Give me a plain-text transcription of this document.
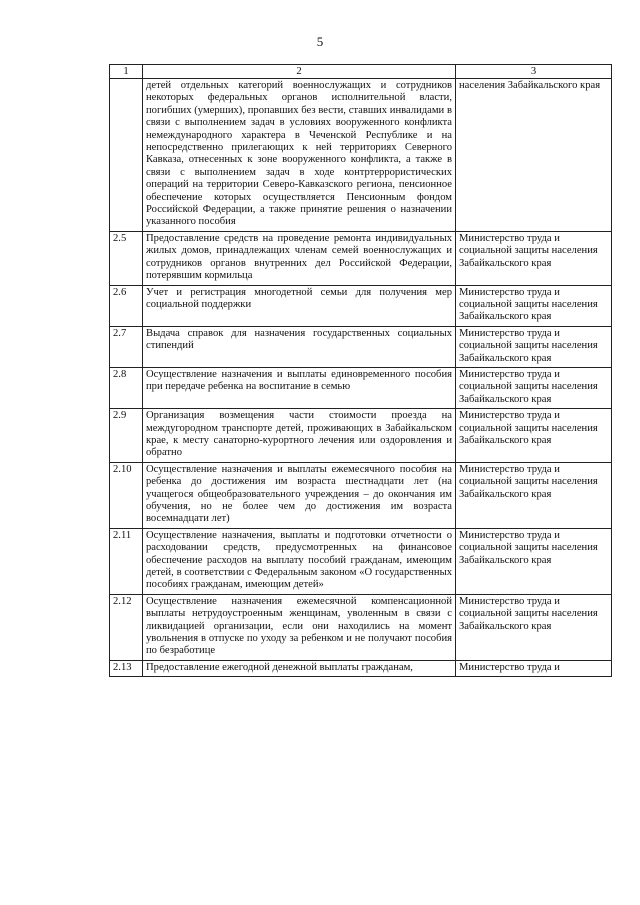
5
1	2	3
	детей отдельных категорий военнослужащих и сотрудников некоторых федеральных органов исполнительной власти, погибших (умерших), пропавших без вести, ставших инвалидами в связи с выполнением задач в условиях вооруженного конфликта немеждународного характера в Чеченской Республике и на непосредственно прилегающих к ней территориях Северного Кавказа, отнесенных к зоне вооруженного конфликта, а также в связи с выполнением задач в ходе контртеррористических операций на территории Северо-Кавказского региона, пенсионное обеспечение которых осуществляется Пенсионным фондом Российской Федерации, а также принятие решения о назначении указанного пособия	населения Забайкальского края
2.5	Предоставление средств на проведение ремонта индивидуальных жилых домов, принадлежащих членам семей военнослужащих и сотрудников органов внутренних дел Российской Федерации, потерявшим кормильца	Министерство труда и социальной защиты населения Забайкальского края
2.6	Учет и регистрация многодетной семьи для получения мер социальной поддержки	Министерство труда и социальной защиты населения Забайкальского края
2.7	Выдача справок для назначения государственных социальных стипендий	Министерство труда и социальной защиты населения Забайкальского края
2.8	Осуществление назначения и выплаты единовременного пособия при передаче ребенка на воспитание в семью	Министерство труда и социальной защиты населения Забайкальского края
2.9	Организация возмещения части стоимости проезда на междугородном транспорте детей, проживающих в Забайкальском крае, к месту санаторно-курортного лечения или оздоровления и обратно	Министерство труда и социальной защиты населения Забайкальского края
2.10	Осуществление назначения и выплаты ежемесячного пособия на ребенка до достижения им возраста шестнадцати лет (на учащегося общеобразовательного учреждения – до окончания им обучения, но не более чем до достижения им возраста восемнадцати лет)	Министерство труда и социальной защиты населения Забайкальского края
2.11	Осуществление назначения, выплаты и подготовки отчетности о расходовании средств, предусмотренных на финансовое обеспечение расходов на выплату пособий гражданам, имеющим детей, в соответствии с Федеральным законом «О государственных пособиях гражданам, имеющим детей»	Министерство труда и социальной защиты населения Забайкальского края
2.12	Осуществление назначения ежемесячной компенсационной выплаты нетрудоустроенным женщинам, уволенным в связи с ликвидацией организации, если они находились на момент увольнения в отпуске по уходу за ребенком и не получают пособия по безработице	Министерство труда и социальной защиты населения Забайкальского края
2.13	Предоставление ежегодной денежной выплаты гражданам,	Министерство труда и
